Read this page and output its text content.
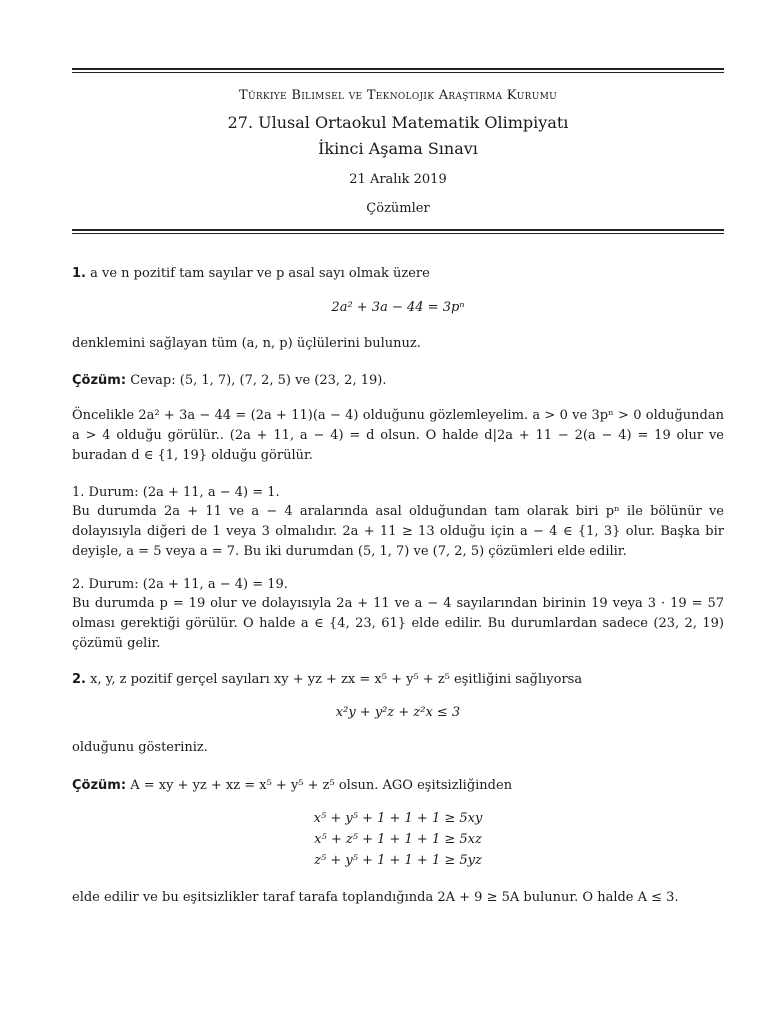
Türkiye Bilimsel ve Teknolojik Araştırma Kurumu
27. Ulusal Ortaokul Matematik Olimpiyatı
İkinci Aşama Sınavı
21 Aralık 2019
Çözümler
1. a ve n pozitif tam sayılar ve p asal sayı olmak üzere
2a² + 3a − 44 = 3pⁿ
denklemini sağlayan tüm (a, n, p) üçlülerini bulunuz.
Çözüm: Cevap: (5, 1, 7), (7, 2, 5) ve (23, 2, 19).
Öncelikle 2a² + 3a − 44 = (2a + 11)(a − 4) olduğunu gözlemleyelim. a > 0 ve 3pⁿ > 0 olduğundan a > 4 olduğu görülür.. (2a + 11, a − 4) = d olsun. O halde d|2a + 11 − 2(a − 4) = 19 olur ve buradan d ∈ {1, 19} olduğu görülür.
1. Durum: (2a + 11, a − 4) = 1.
Bu durumda 2a + 11 ve a − 4 aralarında asal olduğundan tam olarak biri pⁿ ile bölünür ve dolayısıyla diğeri de 1 veya 3 olmalıdır. 2a + 11 ≥ 13 olduğu için a − 4 ∈ {1, 3} olur. Başka bir deyişle, a = 5 veya a = 7. Bu iki durumdan (5, 1, 7) ve (7, 2, 5) çözümleri elde edilir.
2. Durum: (2a + 11, a − 4) = 19.
Bu durumda p = 19 olur ve dolayısıyla 2a + 11 ve a − 4 sayılarından birinin 19 veya 3 · 19 = 57 olması gerektiği görülür. O halde a ∈ {4, 23, 61} elde edilir. Bu durumlardan sadece (23, 2, 19) çözümü gelir.
2. x, y, z pozitif gerçel sayıları xy + yz + zx = x⁵ + y⁵ + z⁵ eşitliğini sağlıyorsa
x²y + y²z + z²x ≤ 3
olduğunu gösteriniz.
Çözüm: A = xy + yz + xz = x⁵ + y⁵ + z⁵ olsun. AGO eşitsizliğinden
x⁵ + y⁵ + 1 + 1 + 1 ≥ 5xy
x⁵ + z⁵ + 1 + 1 + 1 ≥ 5xz
z⁵ + y⁵ + 1 + 1 + 1 ≥ 5yz
elde edilir ve bu eşitsizlikler taraf tarafa toplandığında 2A + 9 ≥ 5A bulunur. O halde A ≤ 3.
